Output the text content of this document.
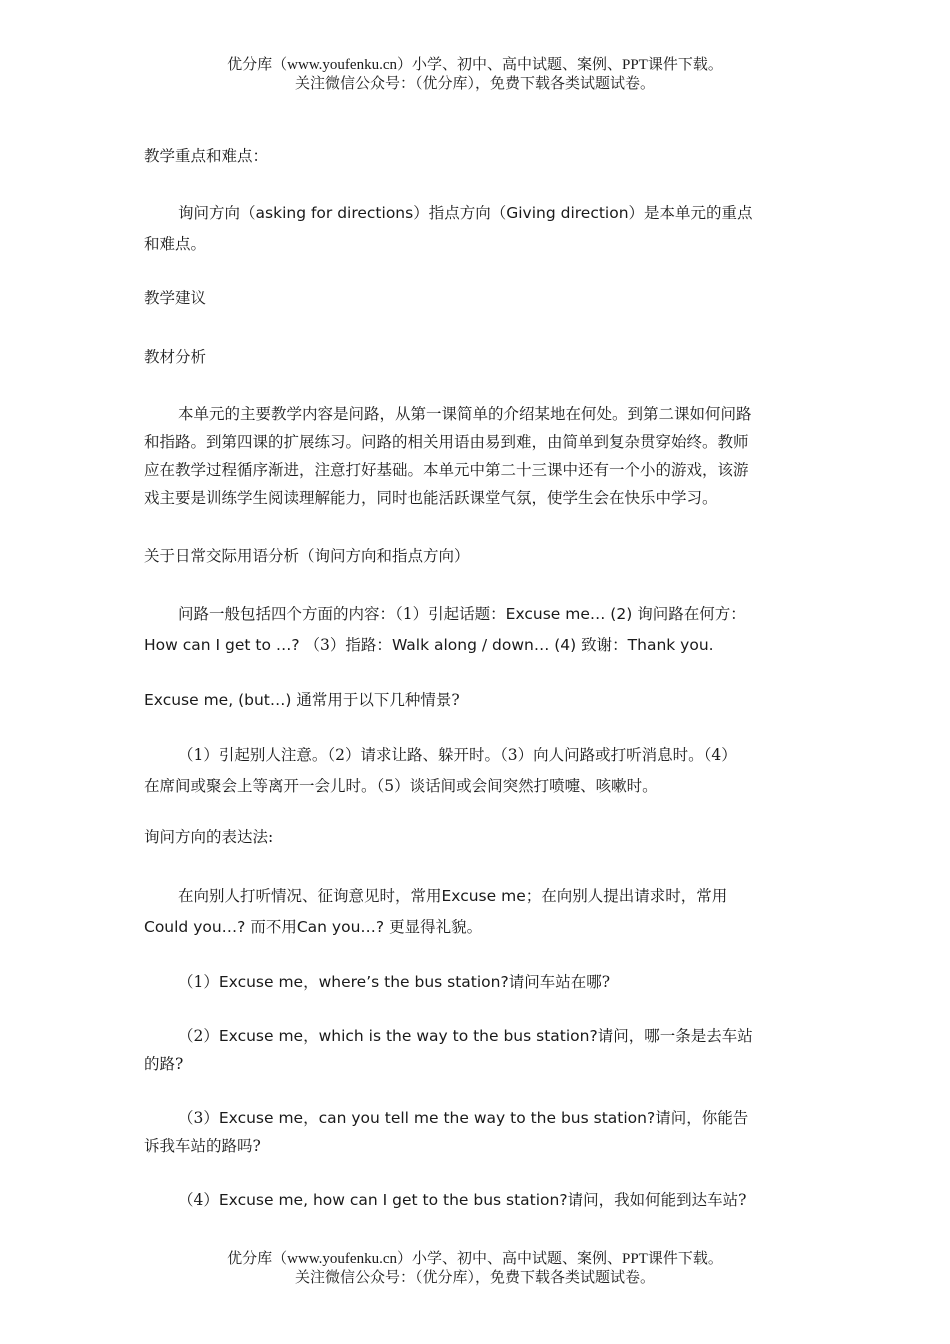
优分库（www.youfenku.cn）小学、初中、高中试题、案例、PPT课件下载。
关注微信公众号：（优分库），免费下载各类试题试卷。

教学重点和难点：

询问方向（asking for directions）指点方向（Giving direction）是本单元的重点

和难点。

教学建议

教材分析

本单元的主要教学内容是问路，从第一课简单的介绍某地在何处。到第二课如何问路

和指路。到第四课的扩展练习。问路的相关用语由易到难，由简单到复杂贯穿始终。教师

应在教学过程循序渐进，注意打好基础。本单元中第二十三课中还有一个小的游戏，该游

戏主要是训练学生阅读理解能力，同时也能活跃课堂气氛，使学生会在快乐中学习。

关于日常交际用语分析（询问方向和指点方向）

问路一般包括四个方面的内容：（1）引起话题：Excuse me… (2) 询问路在何方：

How can I get to …? （3）指路：Walk along / down… (4) 致谢：Thank you.

Excuse me, (but…) 通常用于以下几种情景?

（1）引起别人注意。（2）请求让路、躲开时。（3）向人问路或打听消息时。（4）

在席间或聚会上等离开一会儿时。（5）谈话间或会间突然打喷嚏、咳嗽时。

询问方向的表达法:

在向别人打听情况、征询意见时，常用Excuse me；在向别人提出请求时，常用

Could you…? 而不用Can you…? 更显得礼貌。

（1）Excuse me，where’s the bus station?请问车站在哪?

（2）Excuse me，which is the way to the bus station?请问，哪一条是去车站

的路?

（3）Excuse me，can you tell me the way to the bus station?请问，你能告

诉我车站的路吗?

（4）Excuse me, how can I get to the bus station?请问，我如何能到达车站?

优分库（www.youfenku.cn）小学、初中、高中试题、案例、PPT课件下载。
关注微信公众号：（优分库），免费下载各类试题试卷。
